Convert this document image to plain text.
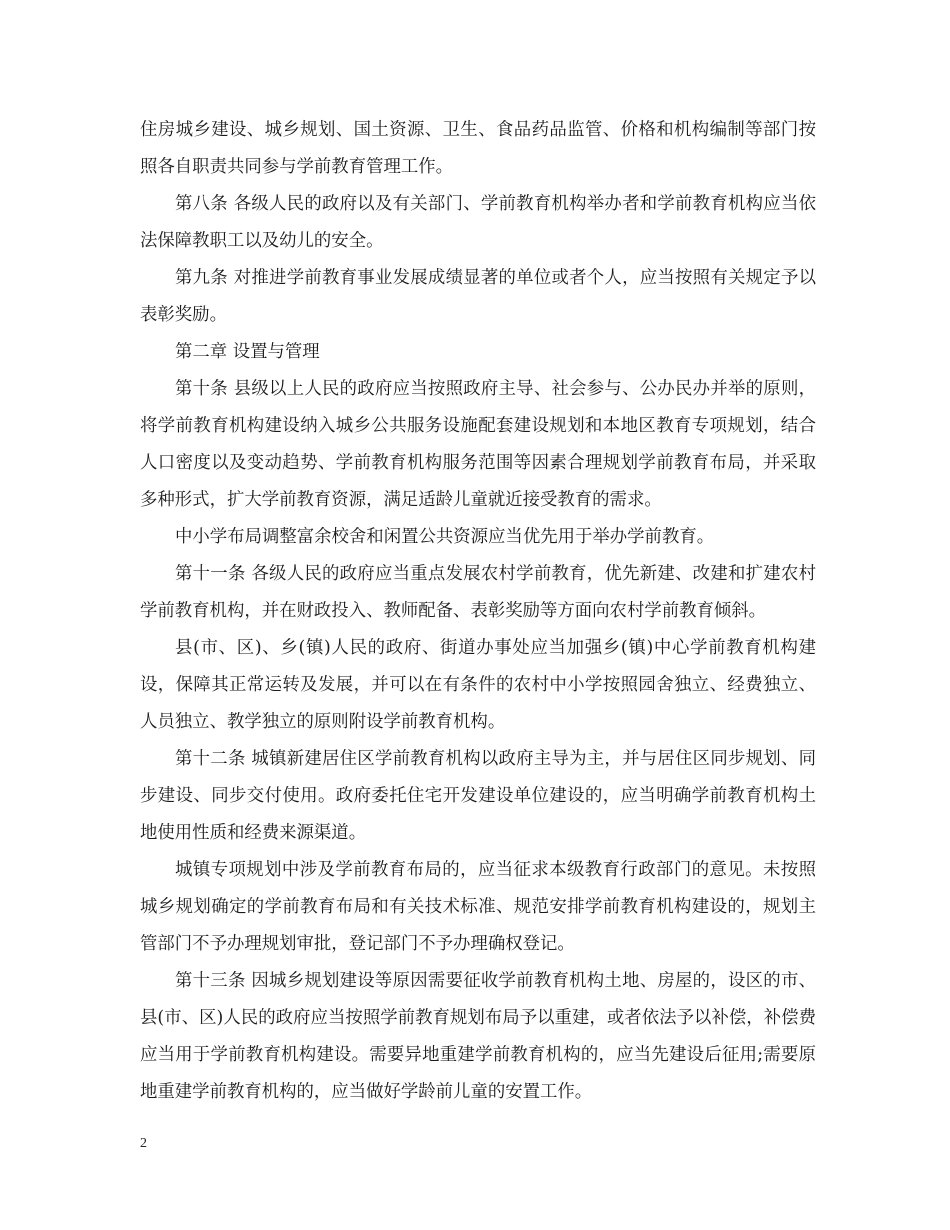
住房城乡建设、城乡规划、国土资源、卫生、食品药品监管、价格和机构编制等部门按照各自职责共同参与学前教育管理工作。

第八条 各级人民的政府以及有关部门、学前教育机构举办者和学前教育机构应当依法保障教职工以及幼儿的安全。

第九条 对推进学前教育事业发展成绩显著的单位或者个人，应当按照有关规定予以表彰奖励。

第二章 设置与管理

第十条 县级以上人民的政府应当按照政府主导、社会参与、公办民办并举的原则，将学前教育机构建设纳入城乡公共服务设施配套建设规划和本地区教育专项规划，结合人口密度以及变动趋势、学前教育机构服务范围等因素合理规划学前教育布局，并采取多种形式，扩大学前教育资源，满足适龄儿童就近接受教育的需求。

中小学布局调整富余校舍和闲置公共资源应当优先用于举办学前教育。

第十一条 各级人民的政府应当重点发展农村学前教育，优先新建、改建和扩建农村学前教育机构，并在财政投入、教师配备、表彰奖励等方面向农村学前教育倾斜。

县(市、区)、乡(镇)人民的政府、街道办事处应当加强乡(镇)中心学前教育机构建设，保障其正常运转及发展，并可以在有条件的农村中小学按照园舍独立、经费独立、人员独立、教学独立的原则附设学前教育机构。

第十二条 城镇新建居住区学前教育机构以政府主导为主，并与居住区同步规划、同步建设、同步交付使用。政府委托住宅开发建设单位建设的，应当明确学前教育机构土地使用性质和经费来源渠道。

城镇专项规划中涉及学前教育布局的，应当征求本级教育行政部门的意见。未按照城乡规划确定的学前教育布局和有关技术标准、规范安排学前教育机构建设的，规划主管部门不予办理规划审批，登记部门不予办理确权登记。

第十三条 因城乡规划建设等原因需要征收学前教育机构土地、房屋的，设区的市、县(市、区)人民的政府应当按照学前教育规划布局予以重建，或者依法予以补偿，补偿费应当用于学前教育机构建设。需要异地重建学前教育机构的，应当先建设后征用;需要原地重建学前教育机构的，应当做好学龄前儿童的安置工作。

2
